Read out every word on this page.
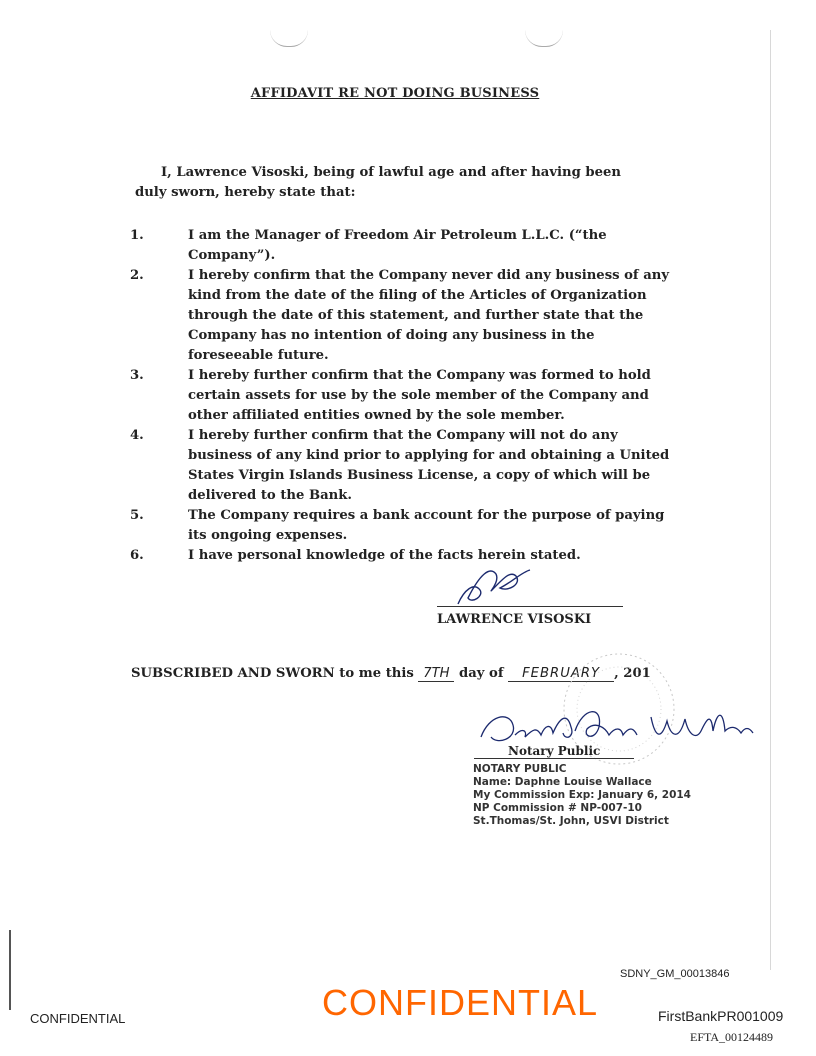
AFFIDAVIT RE NOT DOING BUSINESS
I, Lawrence Visoski, being of lawful age and after having been duly sworn, hereby state that:
1.	I am the Manager of Freedom Air Petroleum L.L.C. (“the Company”).
2.	I hereby confirm that the Company never did any business of any kind from the date of the filing of the Articles of Organization through the date of this statement, and further state that the Company has no intention of doing any business in the foreseeable future.
3.	I hereby further confirm that the Company was formed to hold certain assets for use by the sole member of the Company and other affiliated entities owned by the sole member.
4.	I hereby further confirm that the Company will not do any business of any kind prior to applying for and obtaining a United States Virgin Islands Business License, a copy of which will be delivered to the Bank.
5.	The Company requires a bank account for the purpose of paying its ongoing expenses.
6.	I have personal knowledge of the facts herein stated.
LAWRENCE VISOSKI
SUBSCRIBED AND SWORN to me this 7TH day of FEBRUARY , 201
Notary Public
NOTARY PUBLIC
Name: Daphne Louise Wallace
My Commission Exp: January 6, 2014
NP Commission # NP-007-10
St.Thomas/St. John, USVI District
SDNY_GM_00013846
CONFIDENTIAL	CONFIDENTIAL	FirstBankPR001009
EFTA_00124489
